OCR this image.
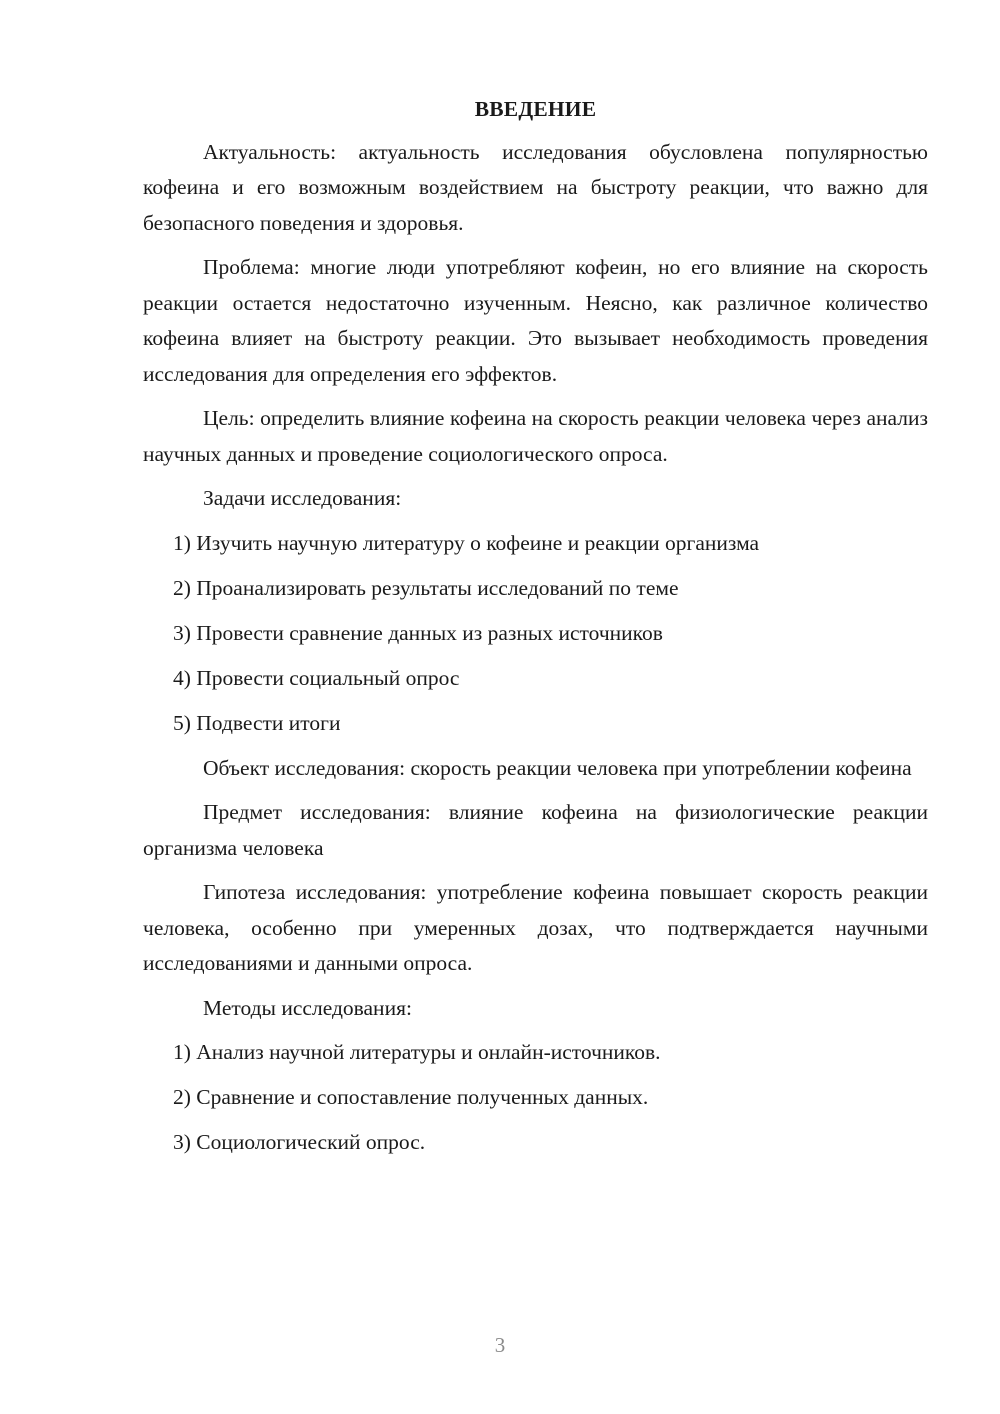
ВВЕДЕНИЕ

Актуальность: актуальность исследования обусловлена популярностью кофеина и его возможным воздействием на быстроту реакции, что важно для безопасного поведения и здоровья.

Проблема: многие люди употребляют кофеин, но его влияние на скорость реакции остается недостаточно изученным. Неясно, как различное количество кофеина влияет на быстроту реакции. Это вызывает необходимость проведения исследования для определения его эффектов.

Цель: определить влияние кофеина на скорость реакции человека через анализ научных данных и проведение социологического опроса.

Задачи исследования:

1) Изучить научную литературу о кофеине и реакции организма

2) Проанализировать результаты исследований по теме

3) Провести сравнение данных из разных источников

4) Провести социальный опрос

5) Подвести итоги

Объект исследования: скорость реакции человека при употреблении кофеина

Предмет исследования: влияние кофеина на физиологические реакции организма человека

Гипотеза исследования: употребление кофеина повышает скорость реакции человека, особенно при умеренных дозах, что подтверждается научными исследованиями и данными опроса.

Методы исследования:

1) Анализ научной литературы и онлайн-источников.

2) Сравнение и сопоставление полученных данных.

3) Социологический опрос.

3
